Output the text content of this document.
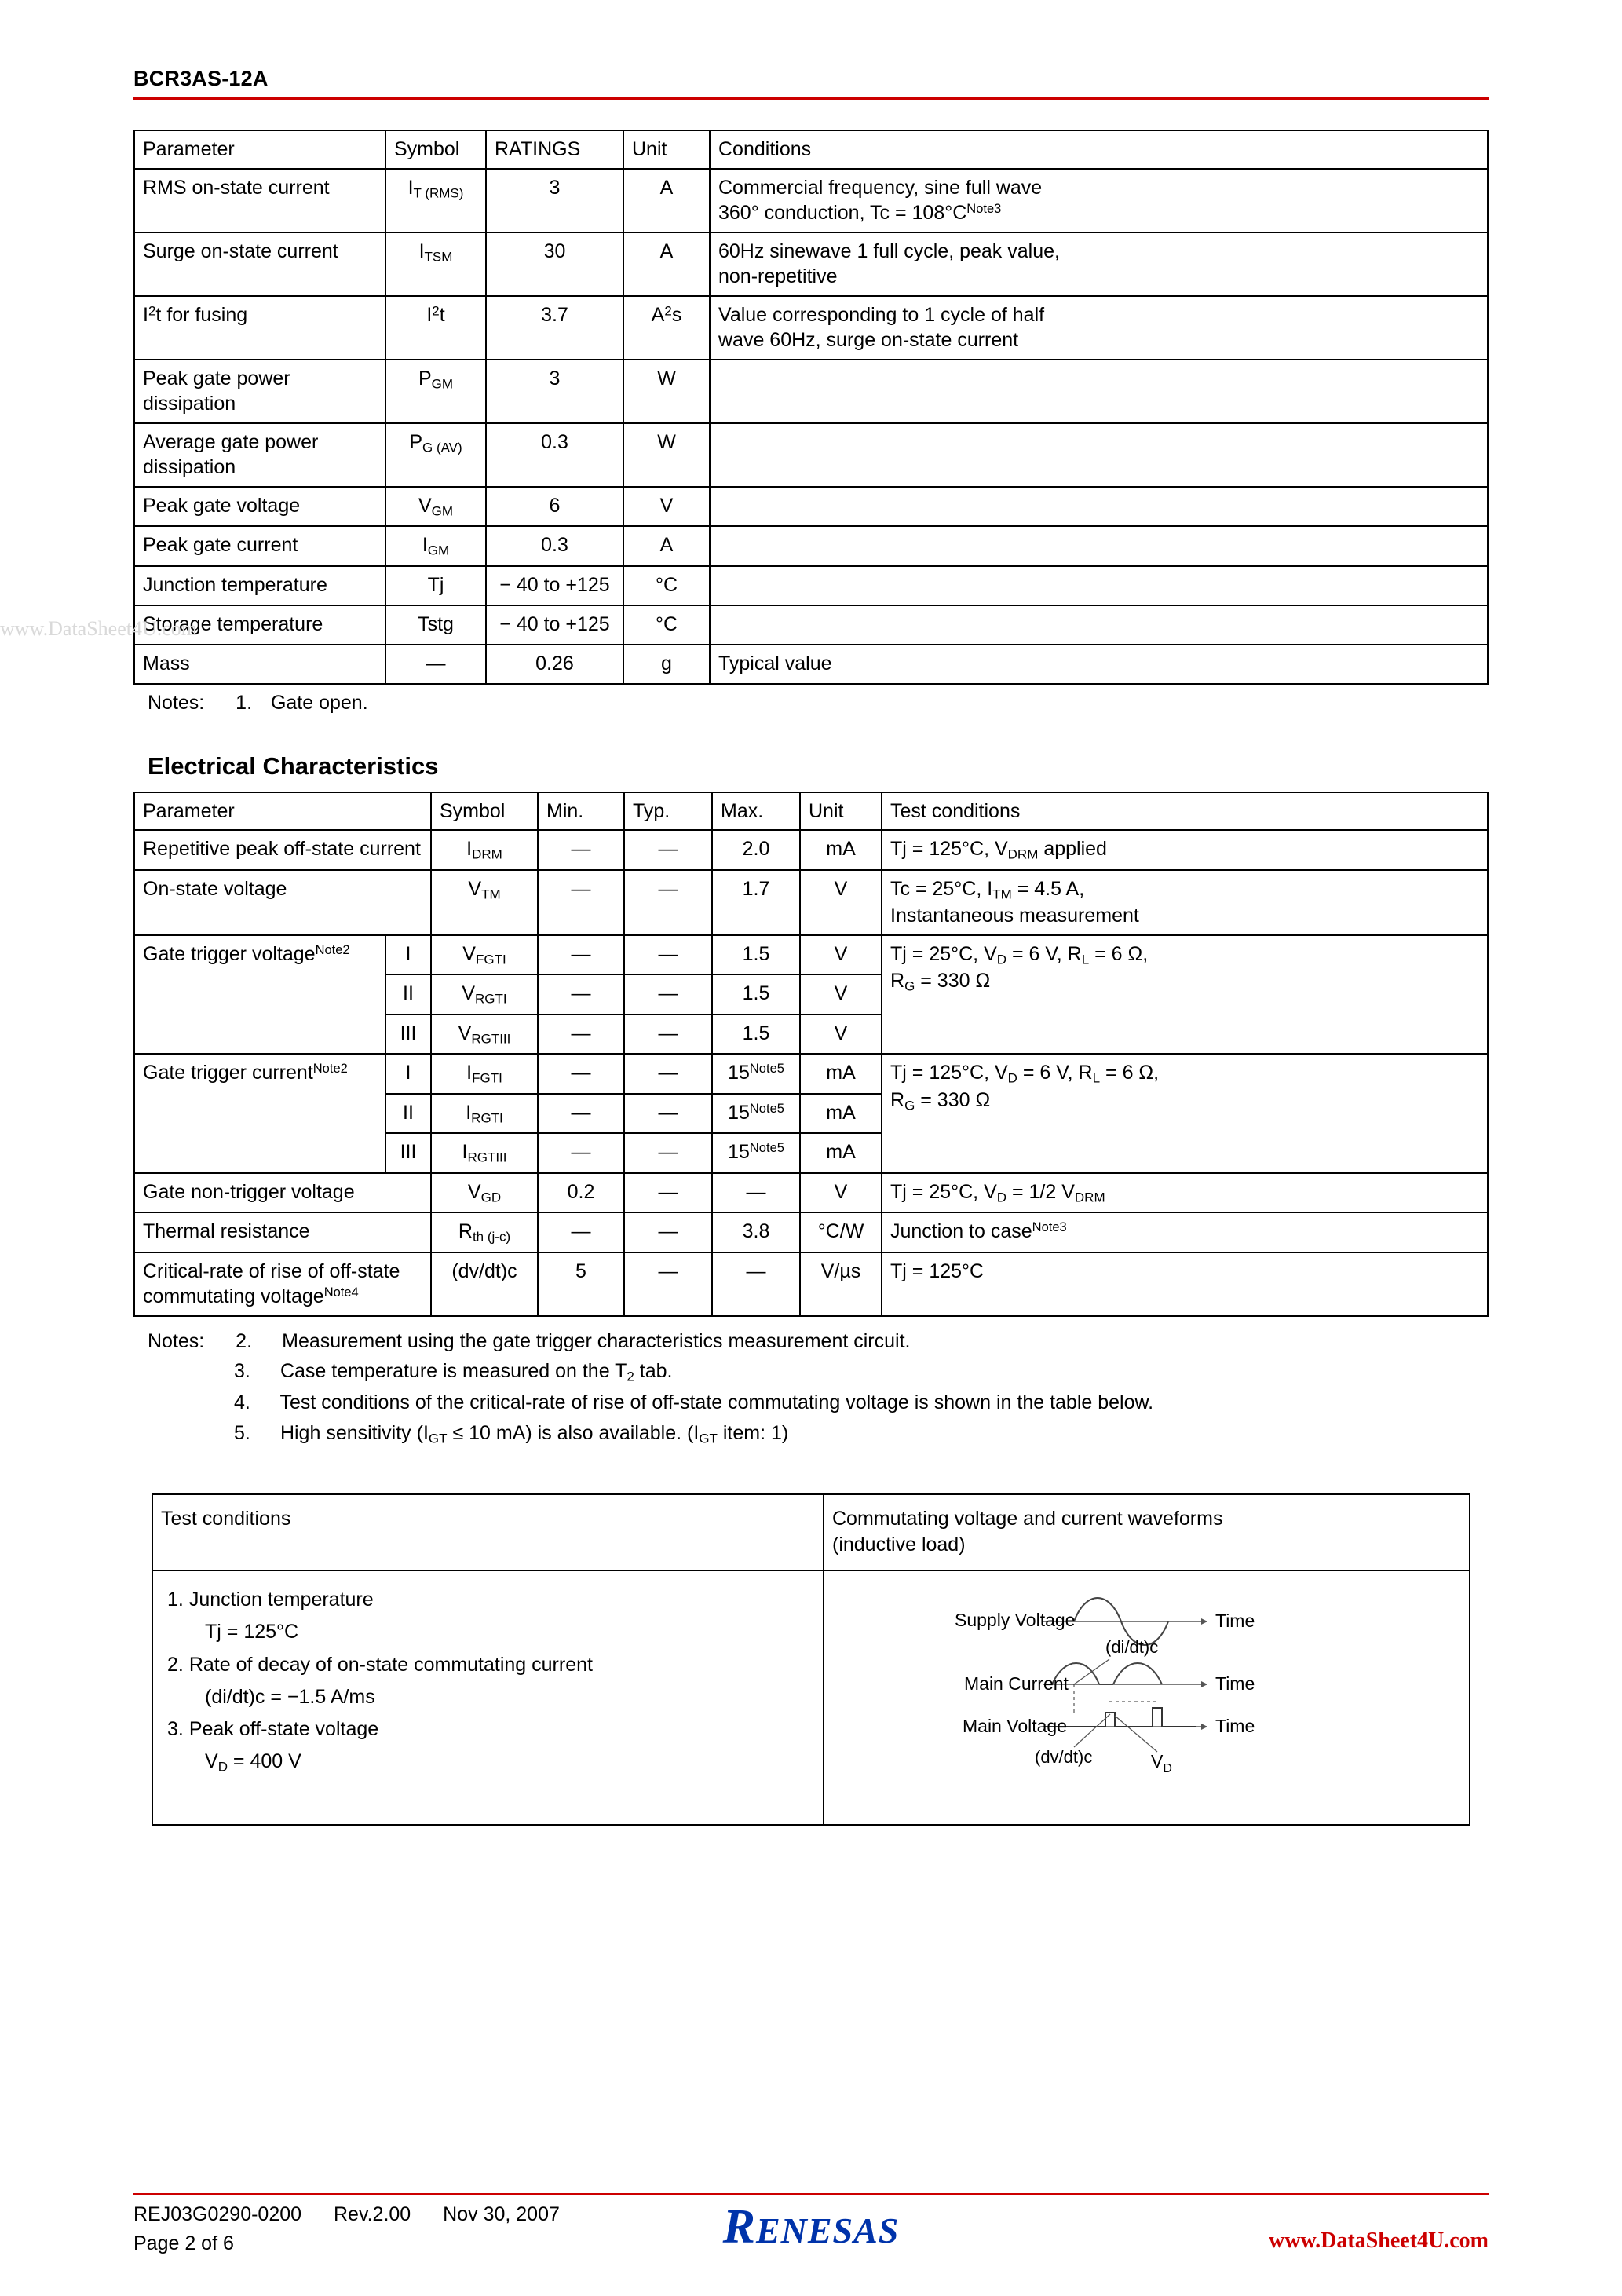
BCR3AS-12A
www.DataSheet4U.com
Parameter	Symbol	RATINGS	Unit	Conditions
RMS on-state current	$I_{T (RMS)}$	3	A	Commercial frequency, sine full wave
360° conduction, $Tc = 108^\circ C^{Note3}$

Surge on-state current	$I_{TSM}$	30	A	60Hz sinewave 1 full cycle, peak value,
non-repetitive

$I^2t$ for fusing	$I^2t$	3.7	$A^2s$	Value corresponding to 1 cycle of half
wave 60Hz, surge on-state current

Peak gate power dissipation	$P_{GM}$	3	W	
Average gate power dissipation	$P_{G (AV)}$	0.3	W	
Peak gate voltage	$V_{GM}$	6	V	
Peak gate current	$I_{GM}$	0.3	A	
Junction temperature	Tj	− 40 to +125	°C	
Storage temperature	Tstg	− 40 to +125	°C	
Mass	—	0.26	g	Typical value
Notes: 1. Gate open.
Electrical Characteristics
Parameter		Symbol	Min.	Typ.	Max.	Unit	Test conditions
Repetitive peak off-state current		$I_{DRM}$	—	—	2.0	mA	Tj = 125°C, $V_{DRM}$ applied
On-state voltage		$V_{TM}$	—	—	1.7	V	Tc = 25°C, $I_{TM} = 4.5$ A,
Instantaneous measurement

Gate trigger voltage$^{Note2}$	I	$V_{FGTI}$	—	—	1.5	V	Tj = 25°C, $V_D = 6$ V, $R_L = 6$ Ω,
$R_G = 330$ Ω

	II	$V_{RGTI}$	—	—	1.5	V	
	III	$V_{RGTIII}$	—	—	1.5	V	
Gate trigger current$^{Note2}$	I	$I_{FGTI}$	—	—	$15^{Note5}$	mA	Tj = 125°C, $V_D = 6$ V, $R_L = 6$ Ω,
$R_G = 330$ Ω

	II	$I_{RGTI}$	—	—	$15^{Note5}$	mA	
	III	$I_{RGTIII}$	—	—	$15^{Note5}$	mA	
Gate non-trigger voltage		$V_{GD}$	0.2	—	—	V	Tj = 25°C, $V_D = 1/2$ $V_{DRM}$
Thermal resistance		$R_{th (j-c)}$	—	—	3.8	°C/W	Junction to case$^{Note3}$

Critical-rate of rise of off-state
commutating voltage$^{Note4}$		(dv/dt)c	5	—	—	V/µs	Tj = 125°C
Notes: 2. Measurement using the gate trigger characteristics measurement circuit.
3. Case temperature is measured on the $T_2$ tab.
4. Test conditions of the critical-rate of rise of off-state commutating voltage is shown in the table below.
5. High sensitivity ($I_{GT} \le 10$ mA) is also available. ($I_{GT}$ item: 1)
Test conditions	Commutating voltage and current waveforms
(inductive load)

1. Junction temperature
Tj = 125°C
2. Rate of decay of on-state commutating current
(di/dt)c = −1.5 A/ms
3. Peak off-state voltage
$V_D = 400$ V

Supply Voltage	Time
(di/dt)c
Main Current	Time
Main Voltage	Time
(dv/dt)c	$V_D$
REJ03G0290-0200 Rev.2.00 Nov 30, 2007
Page 2 of 6	RENESAS	www.DataSheet4U.com
